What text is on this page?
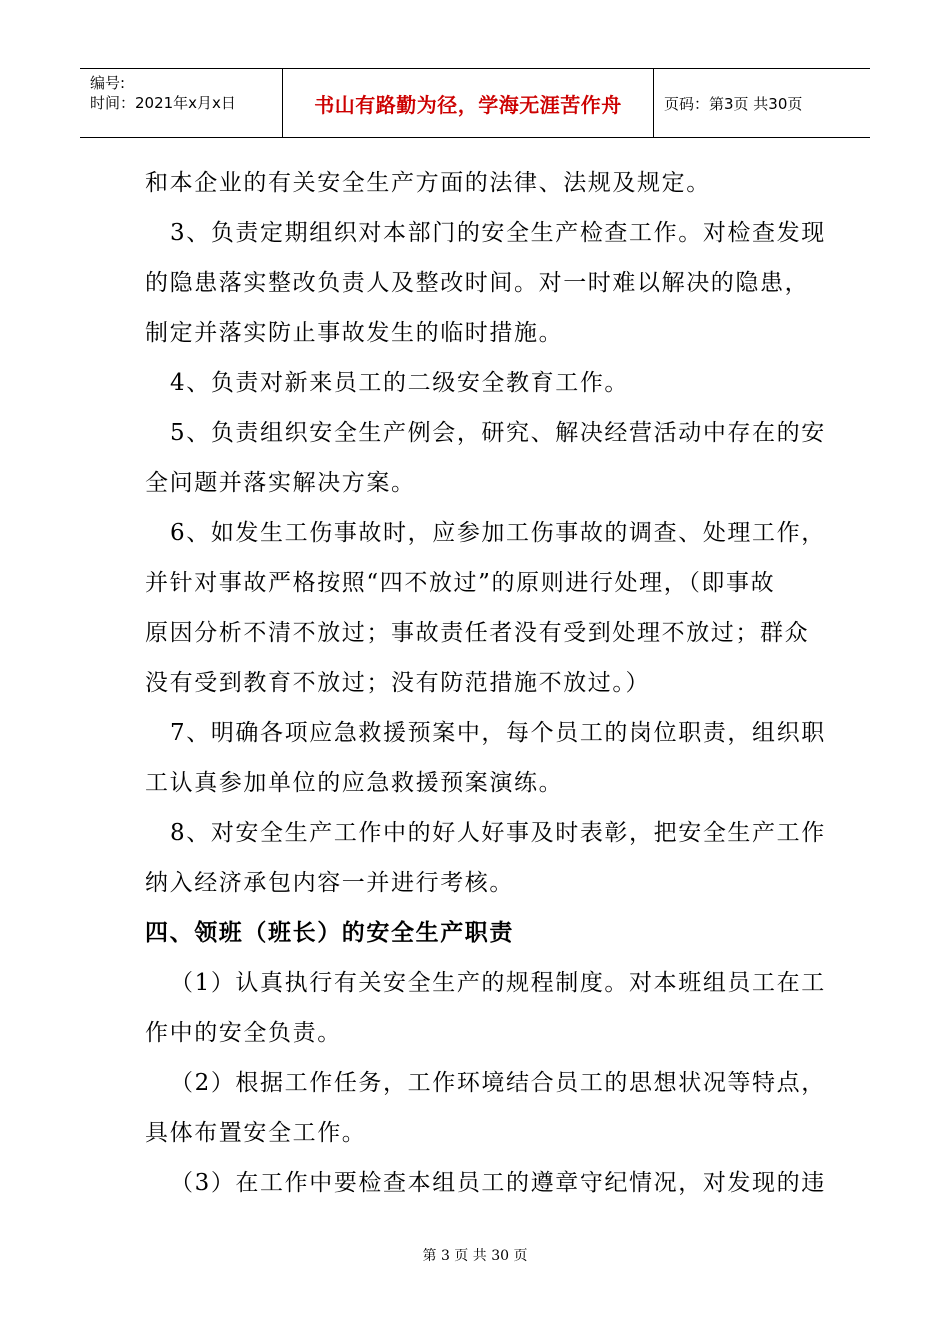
编号:
时间：2021年x月x日	书山有路勤为径，学海无涯苦作舟	页码：第3页 共30页
和本企业的有关安全生产方面的法律、法规及规定。
3、负责定期组织对本部门的安全生产检查工作。对检查发现
的隐患落实整改负责人及整改时间。对一时难以解决的隐患，
制定并落实防止事故发生的临时措施。
4、负责对新来员工的二级安全教育工作。
5、负责组织安全生产例会，研究、解决经营活动中存在的安
全问题并落实解决方案。
6、如发生工伤事故时，应参加工伤事故的调查、处理工作，
并针对事故严格按照“四不放过”的原则进行处理，（即事故
原因分析不清不放过；事故责任者没有受到处理不放过；群众
没有受到教育不放过；没有防范措施不放过。）
7、明确各项应急救援预案中，每个员工的岗位职责，组织职
工认真参加单位的应急救援预案演练。
8、对安全生产工作中的好人好事及时表彰，把安全生产工作
纳入经济承包内容一并进行考核。
四、领班（班长）的安全生产职责
（1）认真执行有关安全生产的规程制度。对本班组员工在工
作中的安全负责。
（2）根据工作任务，工作环境结合员工的思想状况等特点，
具体布置安全工作。
（3）在工作中要检查本组员工的遵章守纪情况，对发现的违
第 3 页 共 30 页
